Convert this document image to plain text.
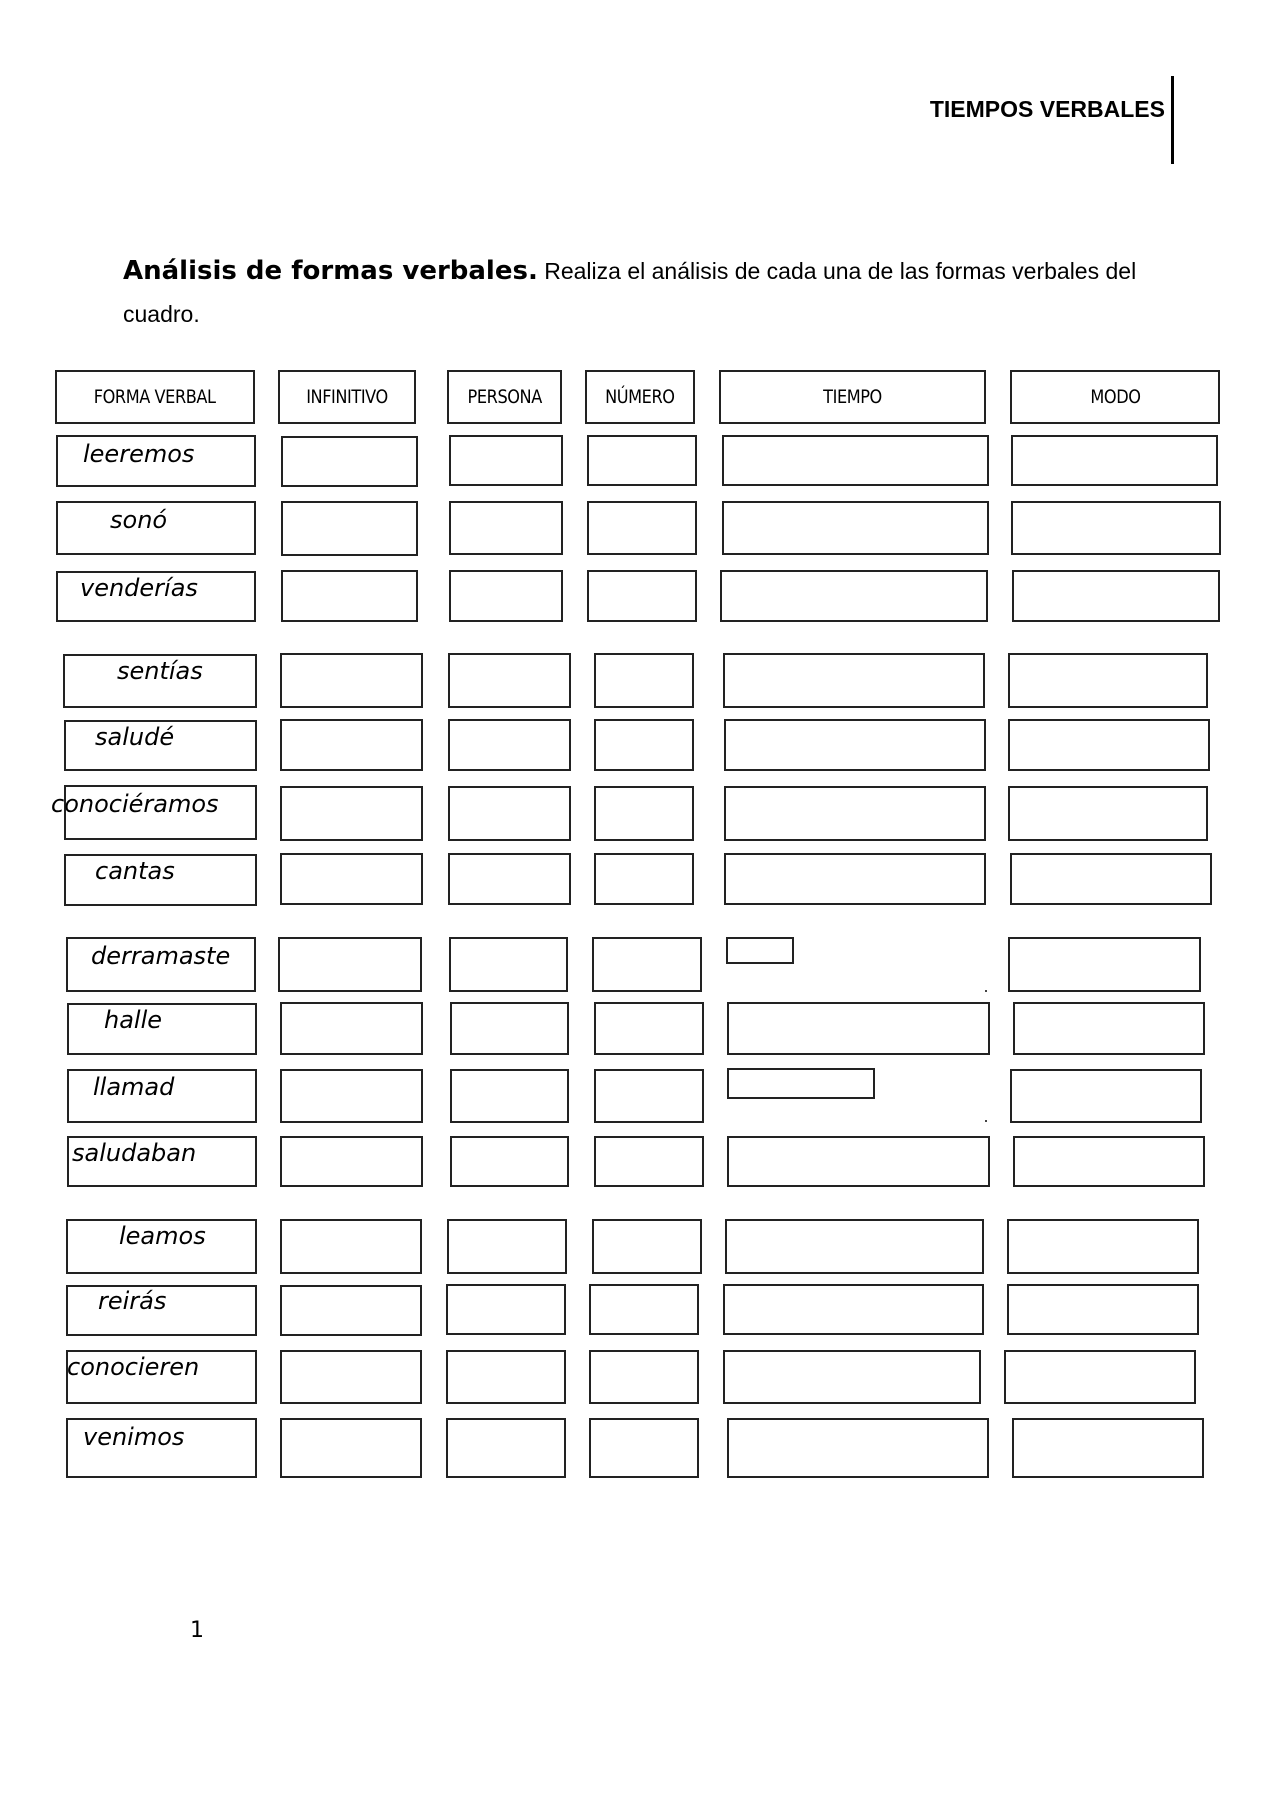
TIEMPOS VERBALES
Análisis de formas verbales. Realiza el análisis de cada una de las formas verbales del cuadro.
FORMA VERBAL	INFINITIVO	PERSONA	NÚMERO	TIEMPO	MODO
leeremos
sonó
venderías
sentías
saludé
conociéramos
cantas
derramaste
halle
llamad
saludaban
leamos
reirás
conocieren
venimos
1
